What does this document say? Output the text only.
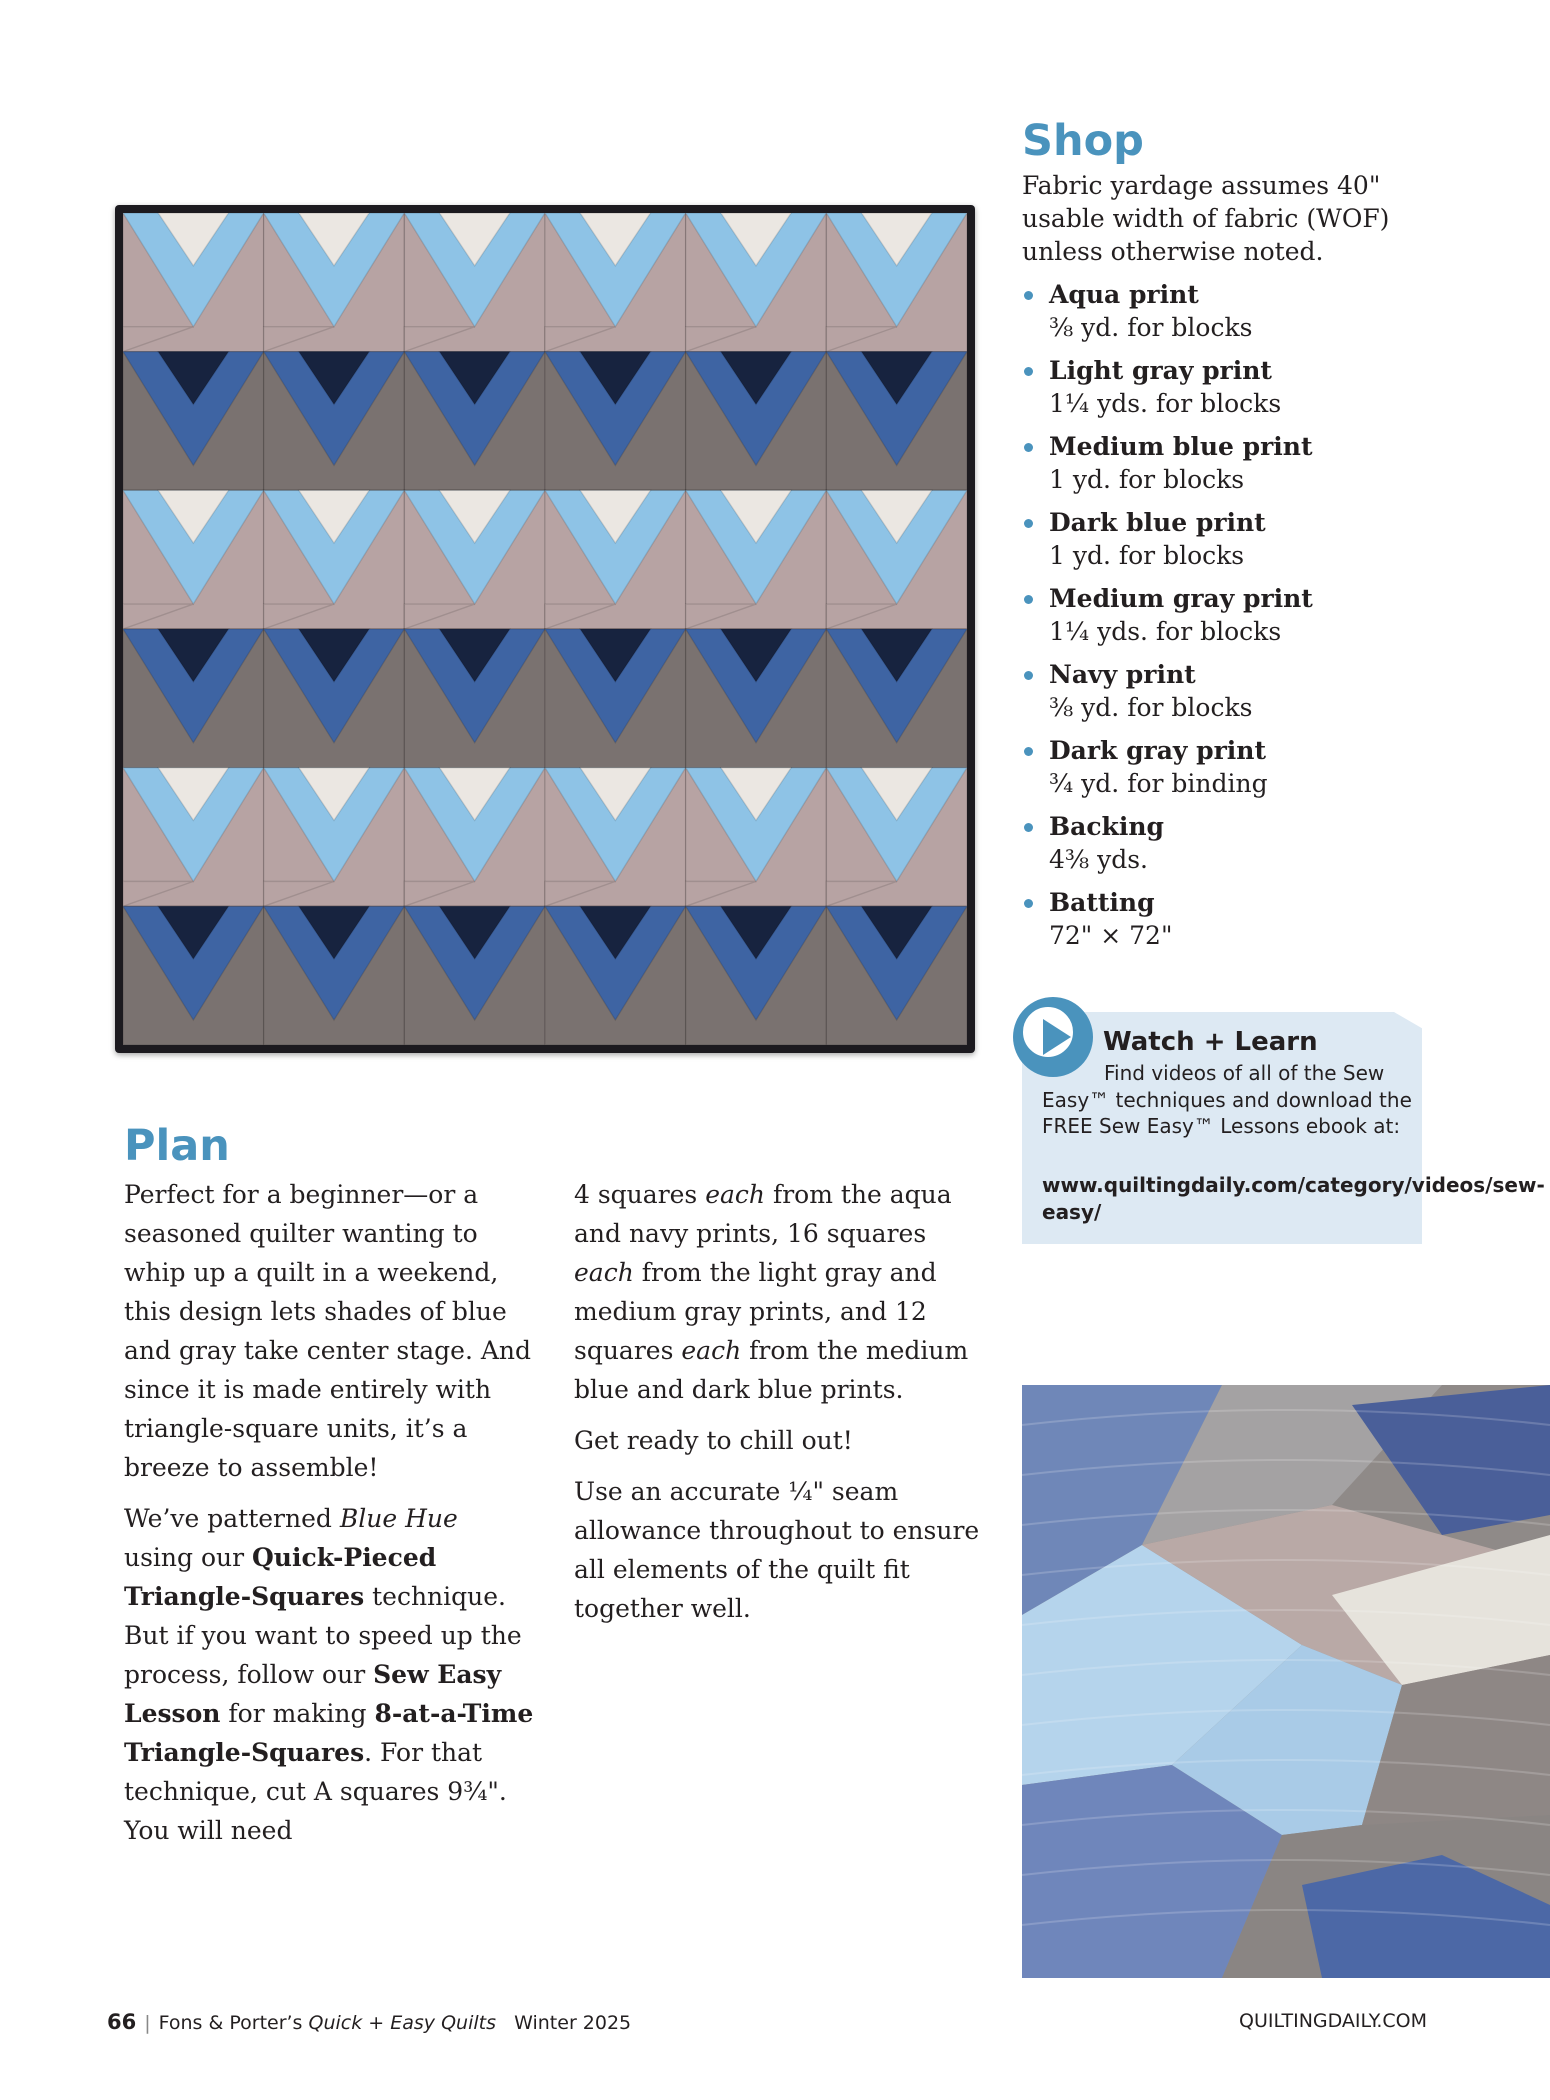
Shop

Fabric yardage assumes 40" usable width of fabric (WOF) unless otherwise noted.

Aqua print
⅜ yd. for blocks
Light gray print
1¼ yds. for blocks
Medium blue print
1 yd. for blocks
Dark blue print
1 yd. for blocks
Medium gray print
1¼ yds. for blocks
Navy print
⅜ yd. for blocks
Dark gray print
¾ yd. for binding
Backing
4⅜ yds.
Batting
72" × 72"
Watch + Learn

Find videos of all of the Sew Easy™ techniques and download the FREE Sew Easy™ Lessons ebook at:

www.quiltingdaily.com/category/videos/sew-easy/

Plan

Perfect for a beginner—or a seasoned quilter wanting to whip up a quilt in a weekend, this design lets shades of blue and gray take center stage. And since it is made entirely with triangle-square units, it’s a breeze to assemble!

We’ve patterned Blue Hue using our Quick-Pieced Triangle-Squares technique. But if you want to speed up the process, follow our Sew Easy Lesson for making 8-at-a-Time Triangle-Squares. For that technique, cut A squares 9¾". You will need

4 squares each from the aqua and navy prints, 16 squares each from the light gray and medium gray prints, and 12 squares each from the medium blue and dark blue prints.

Get ready to chill out!

Use an accurate ¼" seam allowance throughout to ensure all elements of the quilt fit together well.

66 | Fons & Porter’s Quick + Easy Quilts Winter 2025	QUILTINGDAILY.COM
